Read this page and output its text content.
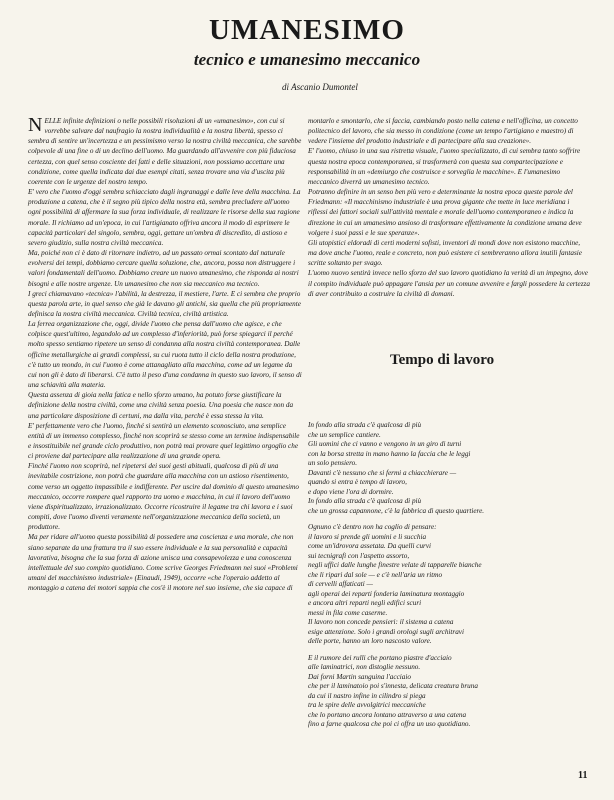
UMANESIMO
tecnico e umanesimo meccanico
di Ascanio Dumontel

NELLE infinite definizioni o nelle possibili risoluzioni di un «umanesimo», con cui si vorrebbe salvare dal naufragio la nostra individualità e la nostra libertà, spesso ci sembra di sentire un'incertezza e un pessimismo verso la nostra civiltà meccanica, che sarebbe colpevole di una fine o di un declino dell'uomo. Ma guardando all'avvenire con più fiduciosa certezza, con quel senso cosciente dei fatti e delle situazioni, non possiamo accettare una condizione, come quella indicata dai due esempi citati, senza trovare una via d'uscita più coerente con le urgenze del nostro tempo.

E' vero che l'uomo d'oggi sembra schiacciato dagli ingranaggi e dalle leve della macchina. La produzione a catena, che è il segno più tipico della nostra età, sembra precludere all'uomo ogni possibilità di affermare la sua forza individuale, di realizzare le risorse della sua ragione morale. Il richiamo ad un'epoca, in cui l'artigianato offriva ancora il modo di esprimere le capacità particolari del singolo, sembra, oggi, gettare un'ombra di discredito, di astioso e severo giudizio, sulla nostra civiltà meccanica.

Ma, poiché non ci è dato di ritornare indietro, ad un passato ormai scontato dal naturale evolversi dei tempi, dobbiamo cercare quella soluzione, che, ancora, possa non distruggere i valori fondamentali dell'uomo. Dobbiamo creare un nuovo umanesimo, che risponda ai nostri bisogni e alle nostre urgenze. Un umanesimo che non sia meccanico ma tecnico.

I greci chiamavano «tecnica» l'abilità, la destrezza, il mestiere, l'arte. E ci sembra che proprio questa parola arte, in quel senso che già le davano gli antichi, sia quella che più propriamente definisca la nostra civiltà meccanica. Civiltà tecnica, civiltà artistica.

La ferrea organizzazione che, oggi, divide l'uomo che pensa dall'uomo che agisce, e che colpisce quest'ultimo, legandolo ad un complesso d'inferiorità, può forse spiegarci il perché molto spesso sentiamo ripetere un senso di condanna alla nostra civiltà contemporanea. Dalle officine metallurgiche ai grandi complessi, su cui ruota tutto il ciclo della nostra produzione, c'è tutto un mondo, in cui l'uomo è come attanagliato alla macchina, come ad un legame da cui non gli è dato di liberarsi. C'è tutto il peso d'una condanna in questo suo lavoro, il senso di una schiavitù alla materia.

Questa assenza di gioia nella fatica e nello sforzo umano, ha potuto forse giustificare la definizione della nostra civiltà, come una civiltà senza poesia. Una poesia che nasce non da una particolare disposizione di certuni, ma dalla vita, perché è essa stessa la vita.

E' perfettamente vero che l'uomo, finché si sentirà un elemento sconosciuto, una semplice entità di un immenso complesso, finché non scoprirà se stesso come un termine indispensabile e insostituibile nel grande ciclo produttivo, non potrà mai provare quel legittimo orgoglio che ci proviene dal partecipare alla realizzazione di una grande opera.

Finché l'uomo non scoprirà, nel ripetersi dei suoi gesti abituali, qualcosa di più di una inevitabile costrizione, non potrà che guardare alla macchina con un astioso risentimento, come verso un oggetto impassibile e indifferente. Per uscire dal dominio di questo umanesimo meccanico, occorre rompere quel rapporto tra uomo e macchina, in cui il lavoro dell'uomo viene dispiritualizzato, irrazionalizzato. Occorre ricostruire il legame tra chi lavora e i suoi compiti, dove l'uomo diventi veramente nell'organizzazione meccanica della società, un produttore.

Ma per ridare all'uomo questa possibilità di possedere una coscienza e una morale, che non siano separate da una frattura tra il suo essere individuale e la sua personalità e capacità lavorativa, bisogna che la sua forza di azione unisca una consapevolezza e una conoscenza intellettuale del suo compito quotidiano. Come scrive Georges Friedmann nei suoi «Problemi umani del macchinismo industriale» (Einaudi, 1949), occorre «che l'operaio addetto al montaggio a catena dei motori sappia che cos'è il motore nel suo insieme, che sia capace di

montarlo e smontarlo, che si faccia, cambiando posto nella catena e nell'officina, un concetto politecnico del lavoro, che sia messo in condizione (come un tempo l'artigiano e maestro) di vedere l'insieme del prodotto industriale e di partecipare alla sua creazione».

E' l'uomo, chiuso in una sua ristretta visuale, l'uomo specializzato, di cui sembra tanto soffrire questa nostra epoca contemporanea, si trasformerà con questa sua compartecipazione e responsabilità in un «demiurgo che costruisce e sorveglia le macchine». E l'umanesimo meccanico diverrà un umanesimo tecnico.

Potranno definire in un senso ben più vero e determinante la nostra epoca queste parole del Friedmann: «Il macchinismo industriale è una prova gigante che mette in luce meridiana i riflessi dei fattori sociali sull'attività mentale e morale dell'uomo contemporaneo e indica la direzione in cui un umanesimo ansioso di trasformare effettivamente la condizione umana deve volgere i suoi passi e le sue speranze».

Gli utopistici eldoradi di certi moderni sofisti, inventori di mondi dove non esistono macchine, ma dove anche l'uomo, reale e concreto, non può esistere ci sembreranno allora inutili fantasie scritte soltanto per svago.

L'uomo nuovo sentirà invece nello sforzo del suo lavoro quotidiano la verità di un impegno, dove il compito individuale può appagare l'ansia per un comune avvenire e fargli possedere la certezza di aver contribuito a costruire la civiltà di domani.

Tempo di lavoro

In fondo alla strada c'è qualcosa di più

che un semplice cantiere.

Gli uomini che ci vanno e vengono in un giro di turni

con la borsa stretta in mano hanno la faccia che le leggi

un solo pensiero.

Davanti c'è nessuno che si fermi a chiacchierare —

quando si entra è tempo di lavoro,

e dopo viene l'ora di dormire.

In fondo alla strada c'è qualcosa di più

che un grossa capannone, c'è la fabbrica di questo quartiere.

Ognuno c'è dentro non ha coglio di pensare:

il lavoro si prende gli uomini e li succhia

come un'idrovora assetata. Da quelli curvi

sui tecnigrafi con l'aspetto assorto,

negli uffici dalle lunghe finestre velate di tapparelle bianche

che li ripari dal sole — e c'è nell'aria un ritmo

di cervelli affaticati —

agli operai dei reparti fonderia laminatura montaggio

e ancora altri reparti negli edifici scuri

messi in fila come caserme.

Il lavoro non concede pensieri: il sistema a catena

esige attenzione. Solo i grandi orologi sugli architravi

delle porte, hanno un loro nascosto valore.

E il rumore dei rulli che portano piastre d'acciaio

alle laminatrici, non distoglie nessuno.

Dai forni Martin sanguina l'acciaio

che per il laminatoio poi s'innesta, delicata creatura bruna

da cui il nastro infine in cilindro si piega

tra le spire delle avvolgitrici meccaniche

che lo portano ancora lontano attraverso a una catena

fino a farne qualcosa che poi ci offra un uso quotidiano.

11
